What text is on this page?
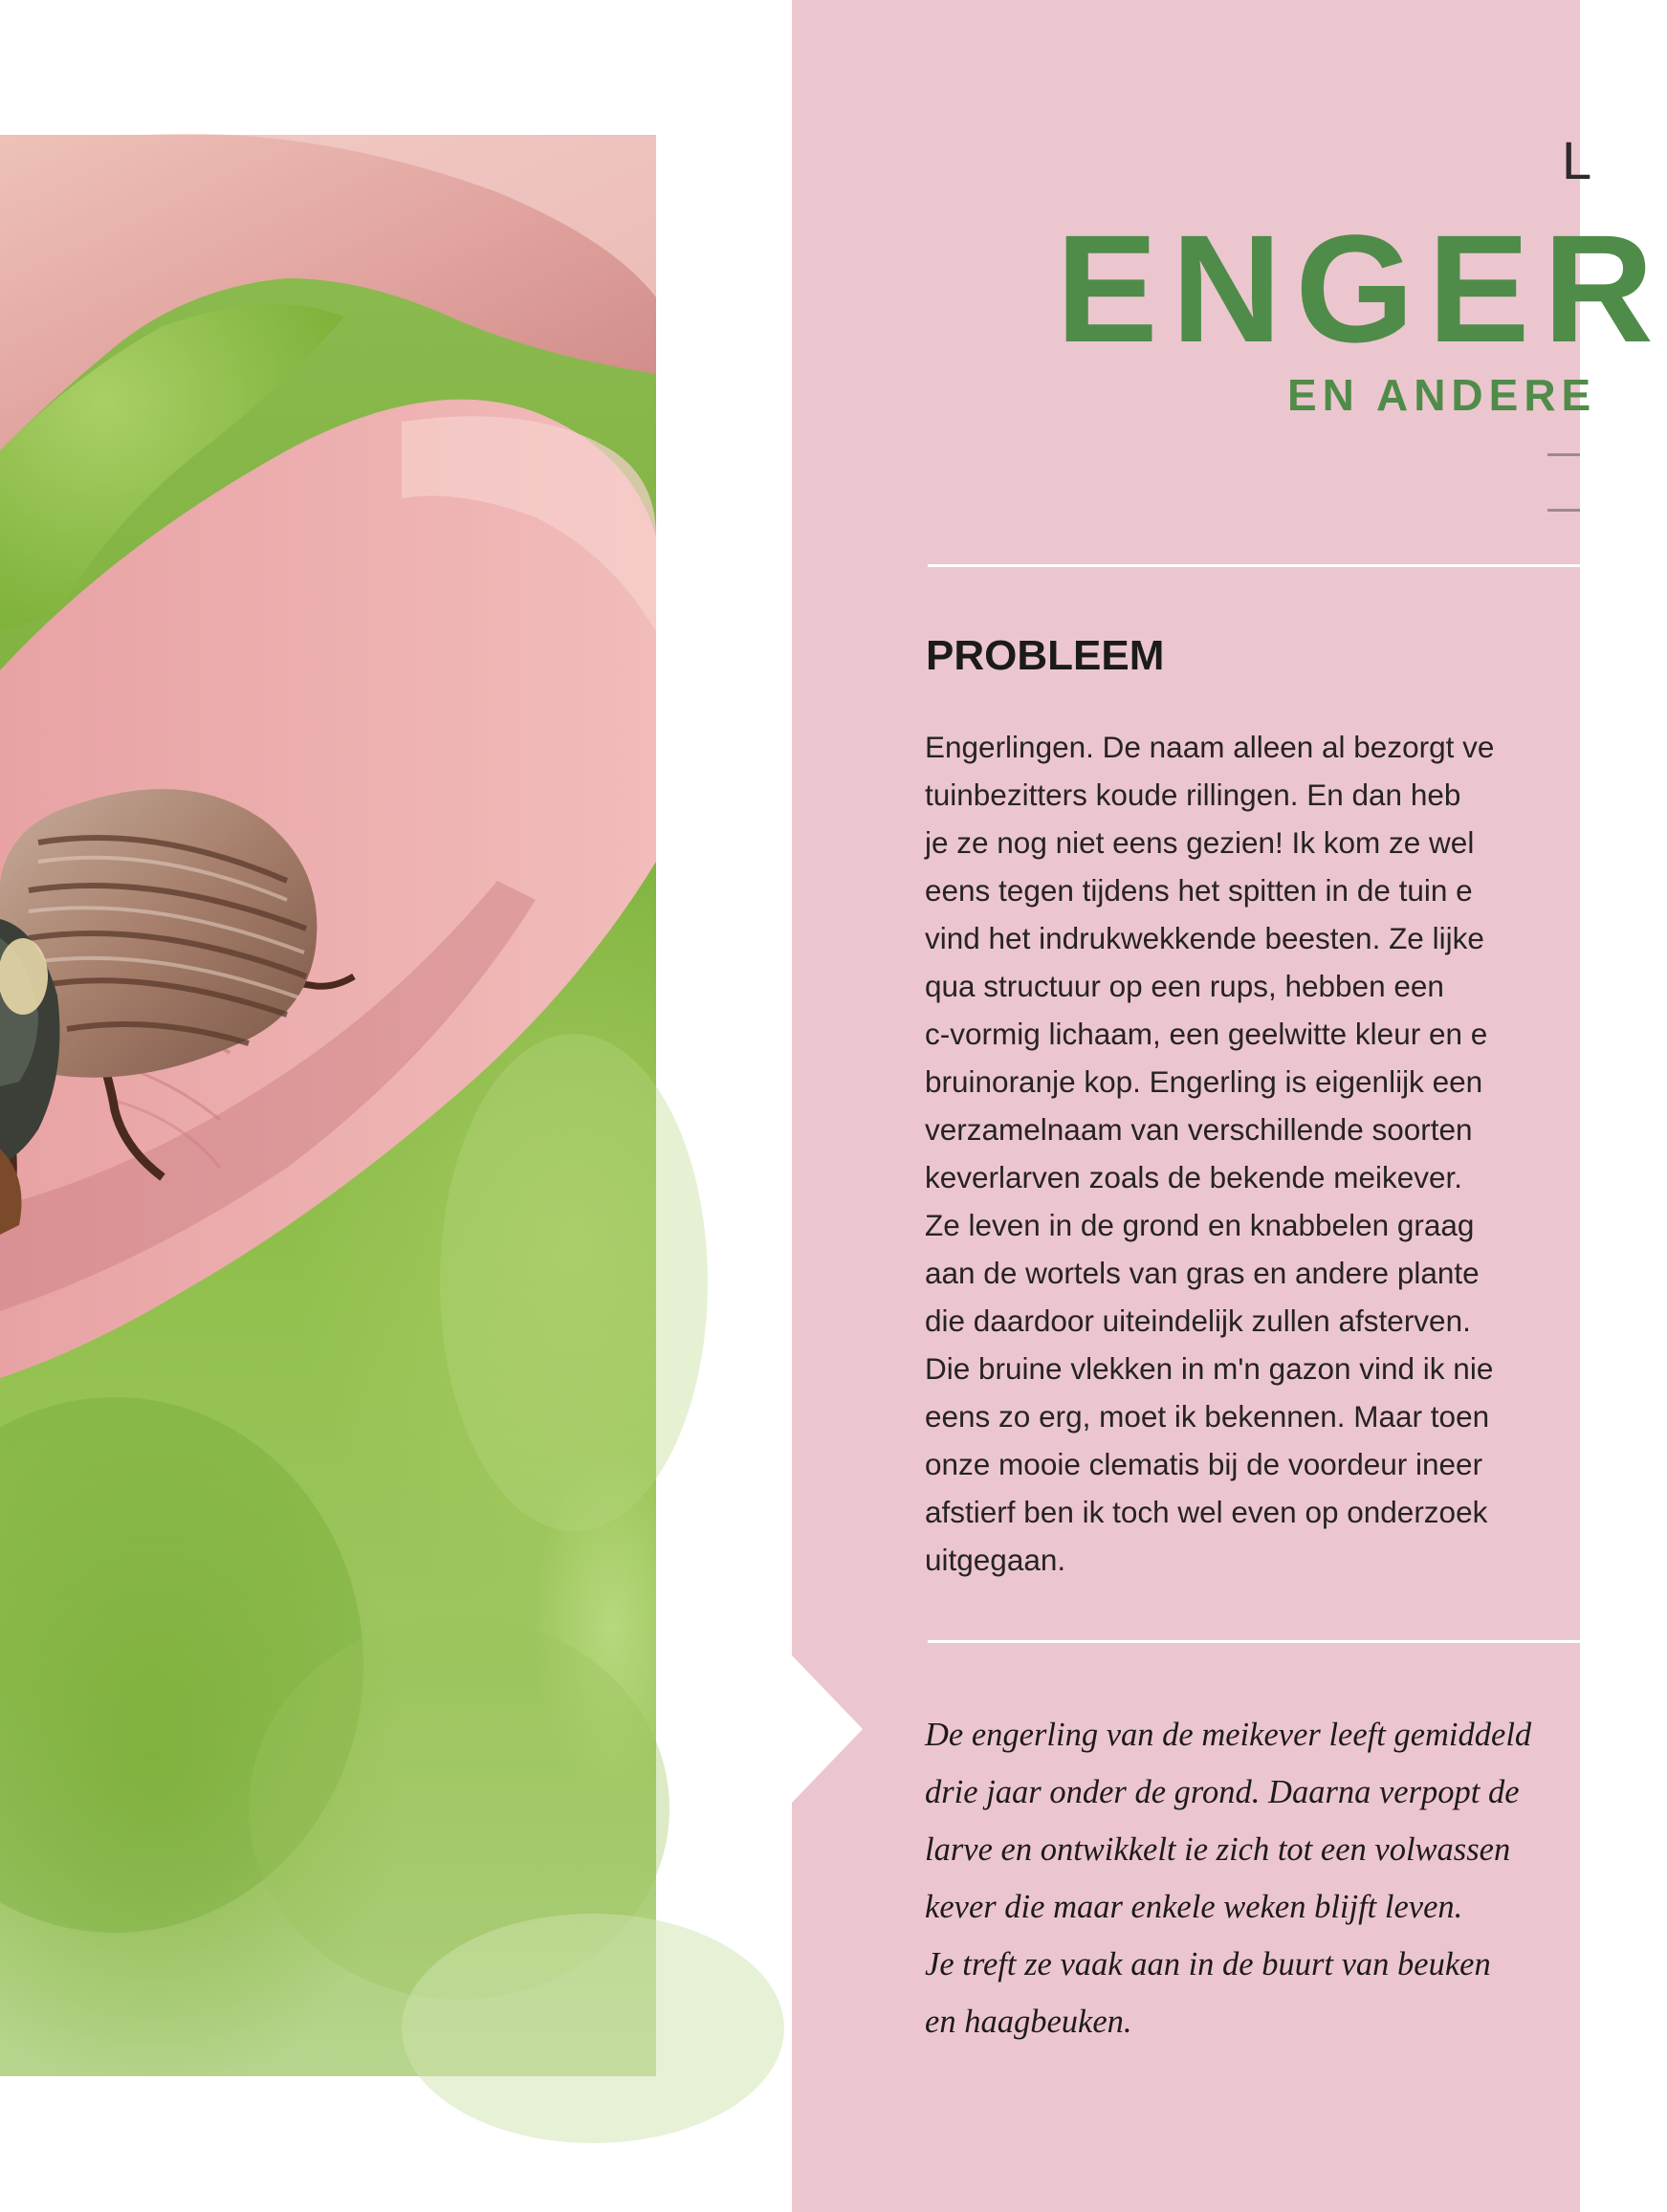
L
ENGER
EN ANDERE
PROBLEEM
Engerlingen. De naam alleen al bezorgt ve
tuinbezitters koude rillingen. En dan heb
je ze nog niet eens gezien! Ik kom ze wel
eens tegen tijdens het spitten in de tuin e
vind het indrukwekkende beesten. Ze lijke
qua structuur op een rups, hebben een
c-vormig lichaam, een geelwitte kleur en e
bruinoranje kop. Engerling is eigenlijk een
verzamelnaam van verschillende soorten
keverlarven zoals de bekende meikever.
Ze leven in de grond en knabbelen graag
aan de wortels van gras en andere plante
die daardoor uiteindelijk zullen afsterven.
Die bruine vlekken in m'n gazon vind ik nie
eens zo erg, moet ik bekennen. Maar toen
onze mooie clematis bij de voordeur ineer
afstierf ben ik toch wel even op onderzoek
uitgegaan.
De engerling van de meikever leeft gemiddeld
drie jaar onder de grond. Daarna verpopt de
larve en ontwikkelt ie zich tot een volwassen
kever die maar enkele weken blijft leven.
Je treft ze vaak aan in de buurt van beuken
en haagbeuken.
